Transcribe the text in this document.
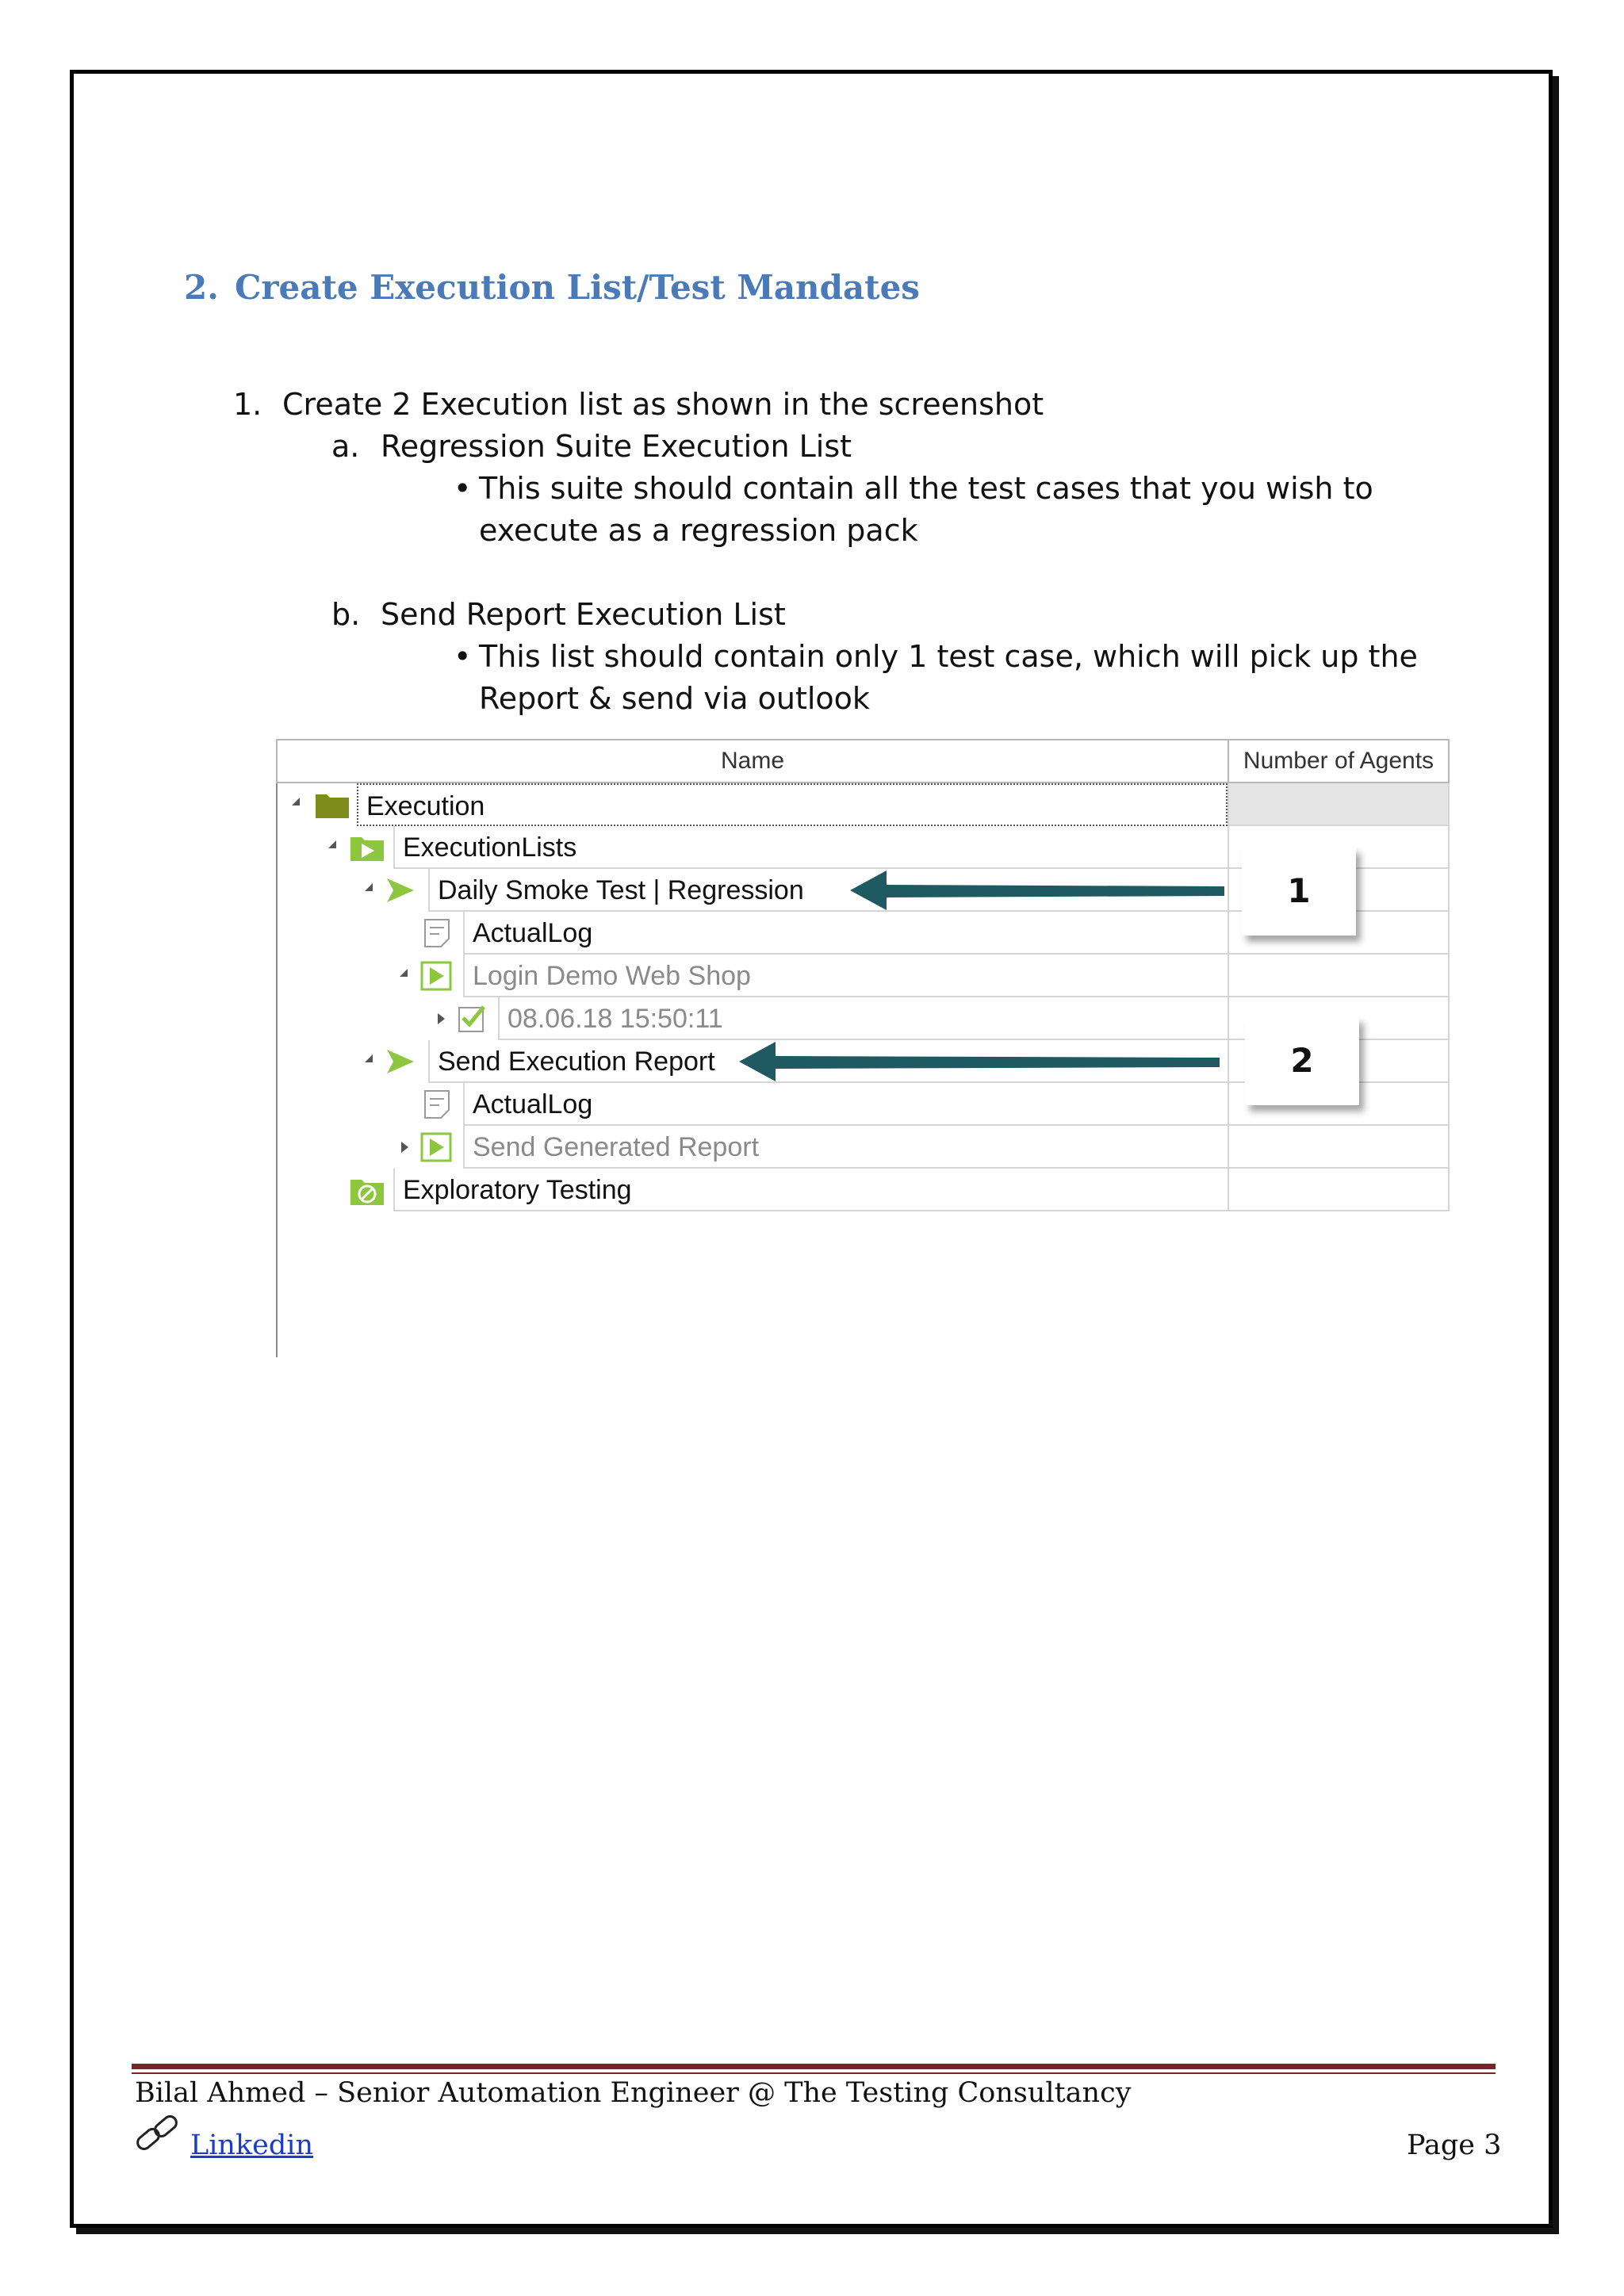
2. Create Execution List/Test Mandates
1. Create 2 Execution list as shown in the screenshot
a. Regression Suite Execution List
• This suite should contain all the test cases that you wish to
execute as a regression pack
b. Send Report Execution List
• This list should contain only 1 test case, which will pick up the
Report & send via outlook
Name	Number of Agents
Execution
ExecutionLists
Daily Smoke Test | Regression
ActualLog
Login Demo Web Shop
08.06.18 15:50:11
Send Execution Report
ActualLog
Send Generated Report
Exploratory Testing
1
2
Bilal Ahmed – Senior Automation Engineer @ The Testing Consultancy
Linkedin	Page 3
